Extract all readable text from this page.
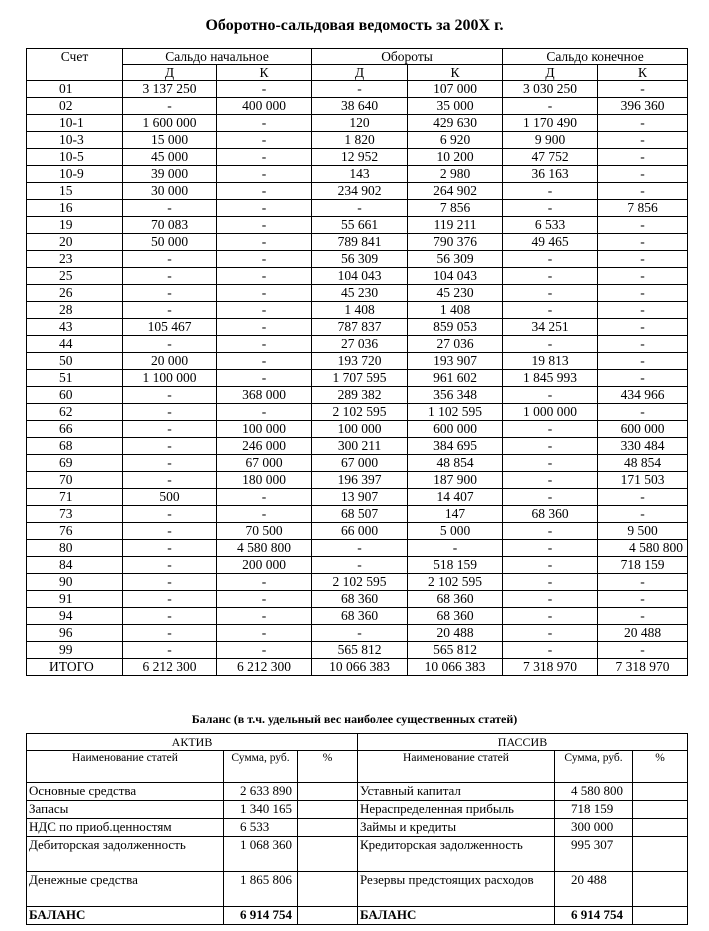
Оборотно-сальдовая ведомость за 200Х г.
Счет	Сальдо начальное		Обороты		Сальдо конечное	
	Д	К	Д	К	Д	К
01	3 137 250	-	-	107 000	3 030 250	-
02	-	400 000	38 640	35 000	-	396 360
10-1	1 600 000	-	120	429 630	1 170 490	-
10-3	15 000	-	1 820	6 920	9 900	-
10-5	45 000	-	12 952	10 200	47 752	-
10-9	39 000	-	143	2 980	36 163	-
15	30 000	-	234 902	264 902	-	-
16	-	-	-	7 856	-	7 856
19	70 083	-	55 661	119 211	6 533	-
20	50 000	-	789 841	790 376	49 465	-
23	-	-	56 309	56 309	-	-
25	-	-	104 043	104 043	-	-
26	-	-	45 230	45 230	-	-
28	-	-	1 408	1 408	-	-
43	105 467	-	787 837	859 053	34 251	-
44	-	-	27 036	27 036	-	-
50	20 000	-	193 720	193 907	19 813	-
51	1 100 000	-	1 707 595	961 602	1 845 993	-
60	-	368 000	289 382	356 348	-	434 966
62	-	-	2 102 595	1 102 595	1 000 000	-
66	-	100 000	100 000	600 000	-	600 000
68	-	246 000	300 211	384 695	-	330 484
69	-	67 000	67 000	48 854	-	48 854
70	-	180 000	196 397	187 900	-	171 503
71	500	-	13 907	14 407	-	-
73	-	-	68 507	147	68 360	-
76	-	70 500	66 000	5 000	-	9 500
80	-	4 580 800	-	-	-	4 580 800
84	-	200 000	-	518 159	-	718 159
90	-	-	2 102 595	2 102 595	-	-
91	-	-	68 360	68 360	-	-
94	-	-	68 360	68 360	-	-
96	-	-	-	20 488	-	20 488
99	-	-	565 812	565 812	-	-
ИТОГО	6 212 300	6 212 300	10 066 383	10 066 383	7 318 970	7 318 970
Баланс (в т.ч. удельный вес наиболее существенных статей)
АКТИВ			ПАССИВ		
Наименование статей	Сумма, руб.	%	Наименование статей	Сумма, руб.	%
Основные средства	2 633 890		Уставный капитал	4 580 800	
Запасы	1 340 165		Нераспределенная прибыль	718 159	
НДС по приоб.ценностям	6 533		Займы и кредиты	300 000	
Дебиторская задолженность	1 068 360		Кредиторская задолженность	995 307	
Денежные средства	1 865 806		Резервы предстоящих расходов	20 488	
БАЛАНС	6 914 754		БАЛАНС	6 914 754	
